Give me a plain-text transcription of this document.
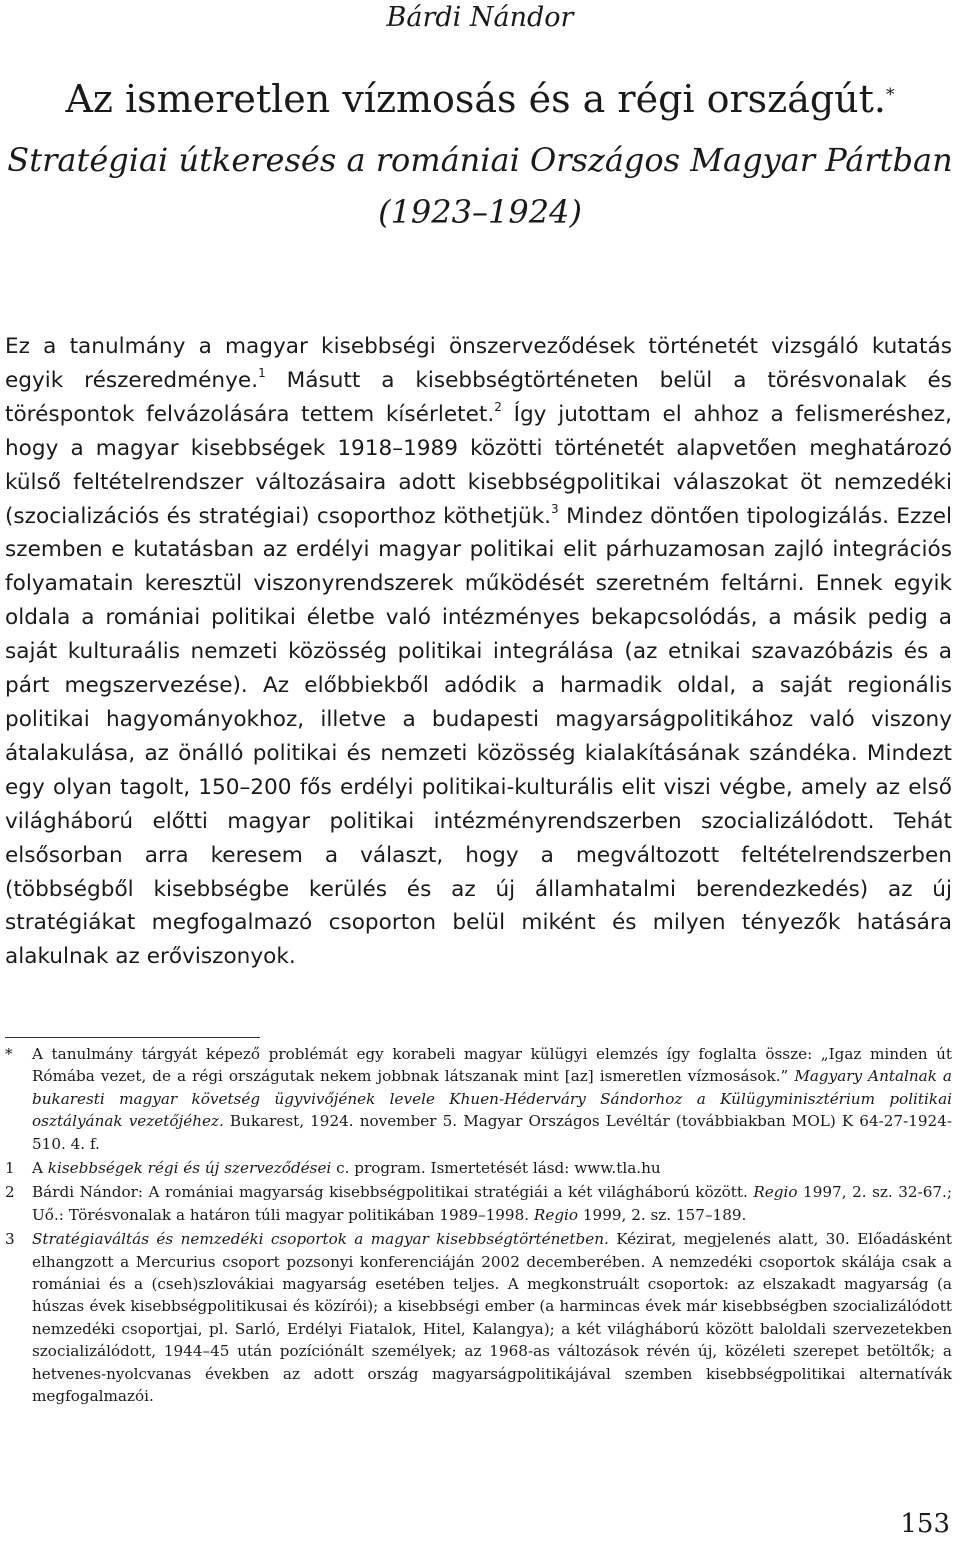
Bárdi Nándor
Az ismeretlen vízmosás és a régi országút.*
Stratégiai útkeresés a romániai Országos Magyar Pártban
(1923–1924)
Ez a tanulmány a magyar kisebbségi önszerveződések történetét vizsgáló kutatás egyik részeredménye.$^1$ Másutt a kisebbségtörténeten belül a törésvonalak és töréspontok felvázolására tettem kísérletet.$^2$ Így jutottam el ahhoz a felismeréshez, hogy a magyar kisebbségek 1918–1989 közötti történetét alapvetően meghatározó külső feltételrendszer változásaira adott kisebbségpolitikai válaszokat öt nemzedéki (szocializációs és stratégiai) csoporthoz köthetjük.$^3$ Mindez döntően tipologizálás. Ezzel szemben e kutatásban az erdélyi magyar politikai elit párhuzamosan zajló integrációs folyamatain keresztül viszonyrendszerek működését szeretném feltárni. Ennek egyik oldala a romániai politikai életbe való intézményes bekapcsolódás, a másik pedig a saját kulturaális nemzeti közösség politikai integrálása (az etnikai szavazóbázis és a párt megszervezése). Az előbbiekből adódik a harmadik oldal, a saját regionális politikai hagyományokhoz, illetve a budapesti magyarságpolitikához való viszony átalakulása, az önálló politikai és nemzeti közösség kialakításának szándéka. Mindezt egy olyan tagolt, 150–200 fős erdélyi politikai-kulturális elit viszi végbe, amely az első világháború előtti magyar politikai intézményrendszerben szocializálódott. Tehát elsősorban arra keresem a választ, hogy a megváltozott feltételrendszerben (többségből kisebbségbe kerülés és az új államhatalmi berendezkedés) az új stratégiákat megfogalmazó csoporton belül miként és milyen tényezők hatására alakulnak az erőviszonyok.
*	A tanulmány tárgyát képező problémát egy korabeli magyar külügyi elemzés így foglalta össze: „Igaz minden út Rómába vezet, de a régi országutak nekem jobbnak látszanak mint [az] ismeretlen vízmosások.” Magyary Antalnak a bukaresti magyar követség ügyvivőjének levele Khuen-Héderváry Sándorhoz a Külügyminisztérium politikai osztályának vezetőjéhez. Bukarest, 1924. november 5. Magyar Országos Levéltár (továbbiakban MOL) K 64-27-1924-510. 4. f.
1	A kisebbségek régi és új szerveződései c. program. Ismertetését lásd: www.tla.hu
2	Bárdi Nándor: A romániai magyarság kisebbségpolitikai stratégiái a két világháború között. Regio 1997, 2. sz. 32-67.; Uő.: Törésvonalak a határon túli magyar politikában 1989–1998. Regio 1999, 2. sz. 157–189.
3	Stratégiaváltás és nemzedéki csoportok a magyar kisebbségtörténetben. Kézirat, megjelenés alatt, 30. Előadásként elhangzott a Mercurius csoport pozsonyi konferenciáján 2002 decemberében. A nemzedéki csoportok skálája csak a romániai és a (cseh)szlovákiai magyarság esetében teljes. A megkonstruált csoportok: az elszakadt magyarság (a húszas évek kisebbségpolitikusai és közírói); a kisebbségi ember (a harmincas évek már kisebbségben szocializálódott nemzedéki csoportjai, pl. Sarló, Erdélyi Fiatalok, Hitel, Kalangya); a két világháború között baloldali szervezetekben szocializálódott, 1944–45 után pozíciónált személyek; az 1968-as változások révén új, közéleti szerepet betöltők; a hetvenes-nyolcvanas években az adott ország magyarságpolitikájával szemben kisebbségpolitikai alternatívák megfogalmazói.
153
